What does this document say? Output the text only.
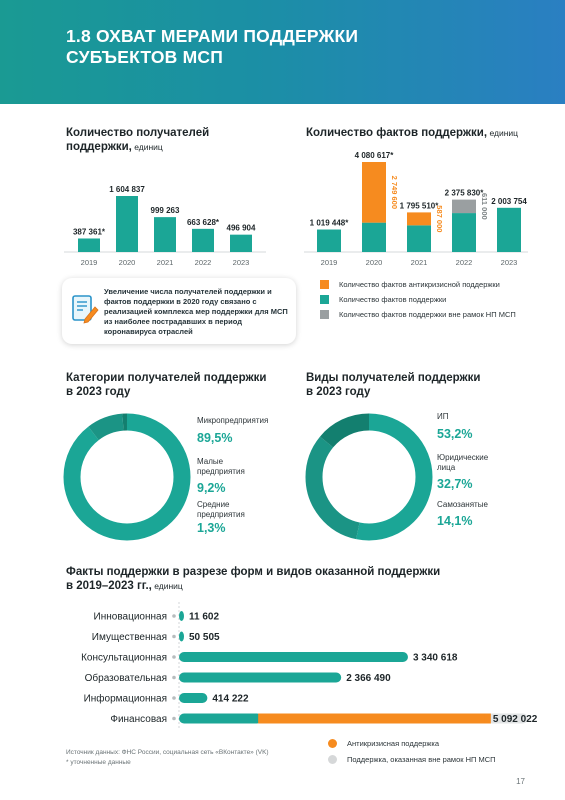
1.8 ОХВАТ МЕРАМИ ПОДДЕРЖКИ
СУБЪЕКТОВ МСП
Количество получателей
поддержки, единиц
387 361*
2019
1 604 837
2020
999 263
2021
663 628*
2022
496 904
2023
Количество фактов поддержки, единиц
1 019 448*
2019
4 080 617*
2020
1 795 510*
2021
2 375 830*
2022
2 003 754
2023
2 749 600
587 000	611 000
Увеличение числа получателей поддержки и фактов поддержки в 2020 году связано с реализацией комплекса мер поддержки для МСП из наиболее пострадавших в период коронавируса отраслей
Количество фактов антикризисной поддержки
Количество фактов поддержки
Количество фактов поддержки вне рамок НП МСП
Категории получателей поддержки
в 2023 году
Микропредприятия
89,5%
Малые предприятия
9,2%
Средние предприятия
1,3%
Виды получателей поддержки
в 2023 году
ИП
53,2%
Юридические лица
32,7%
Самозанятые
14,1%
Факты поддержки в разрезе форм и видов оказанной поддержки
в 2019–2023 гг., единиц
Инновационная 11 602
Имущественная 50 505
Консультационная	3 340 618
Образовательная	2 366 490
Информационная	414 222
Финансовая	5 092 022
Источник данных: ФНС России, социальная сеть «ВКонтакте» (VK)
* уточненные данные
Антикризисная поддержка
Поддержка, оказанная вне рамок НП МСП
17
